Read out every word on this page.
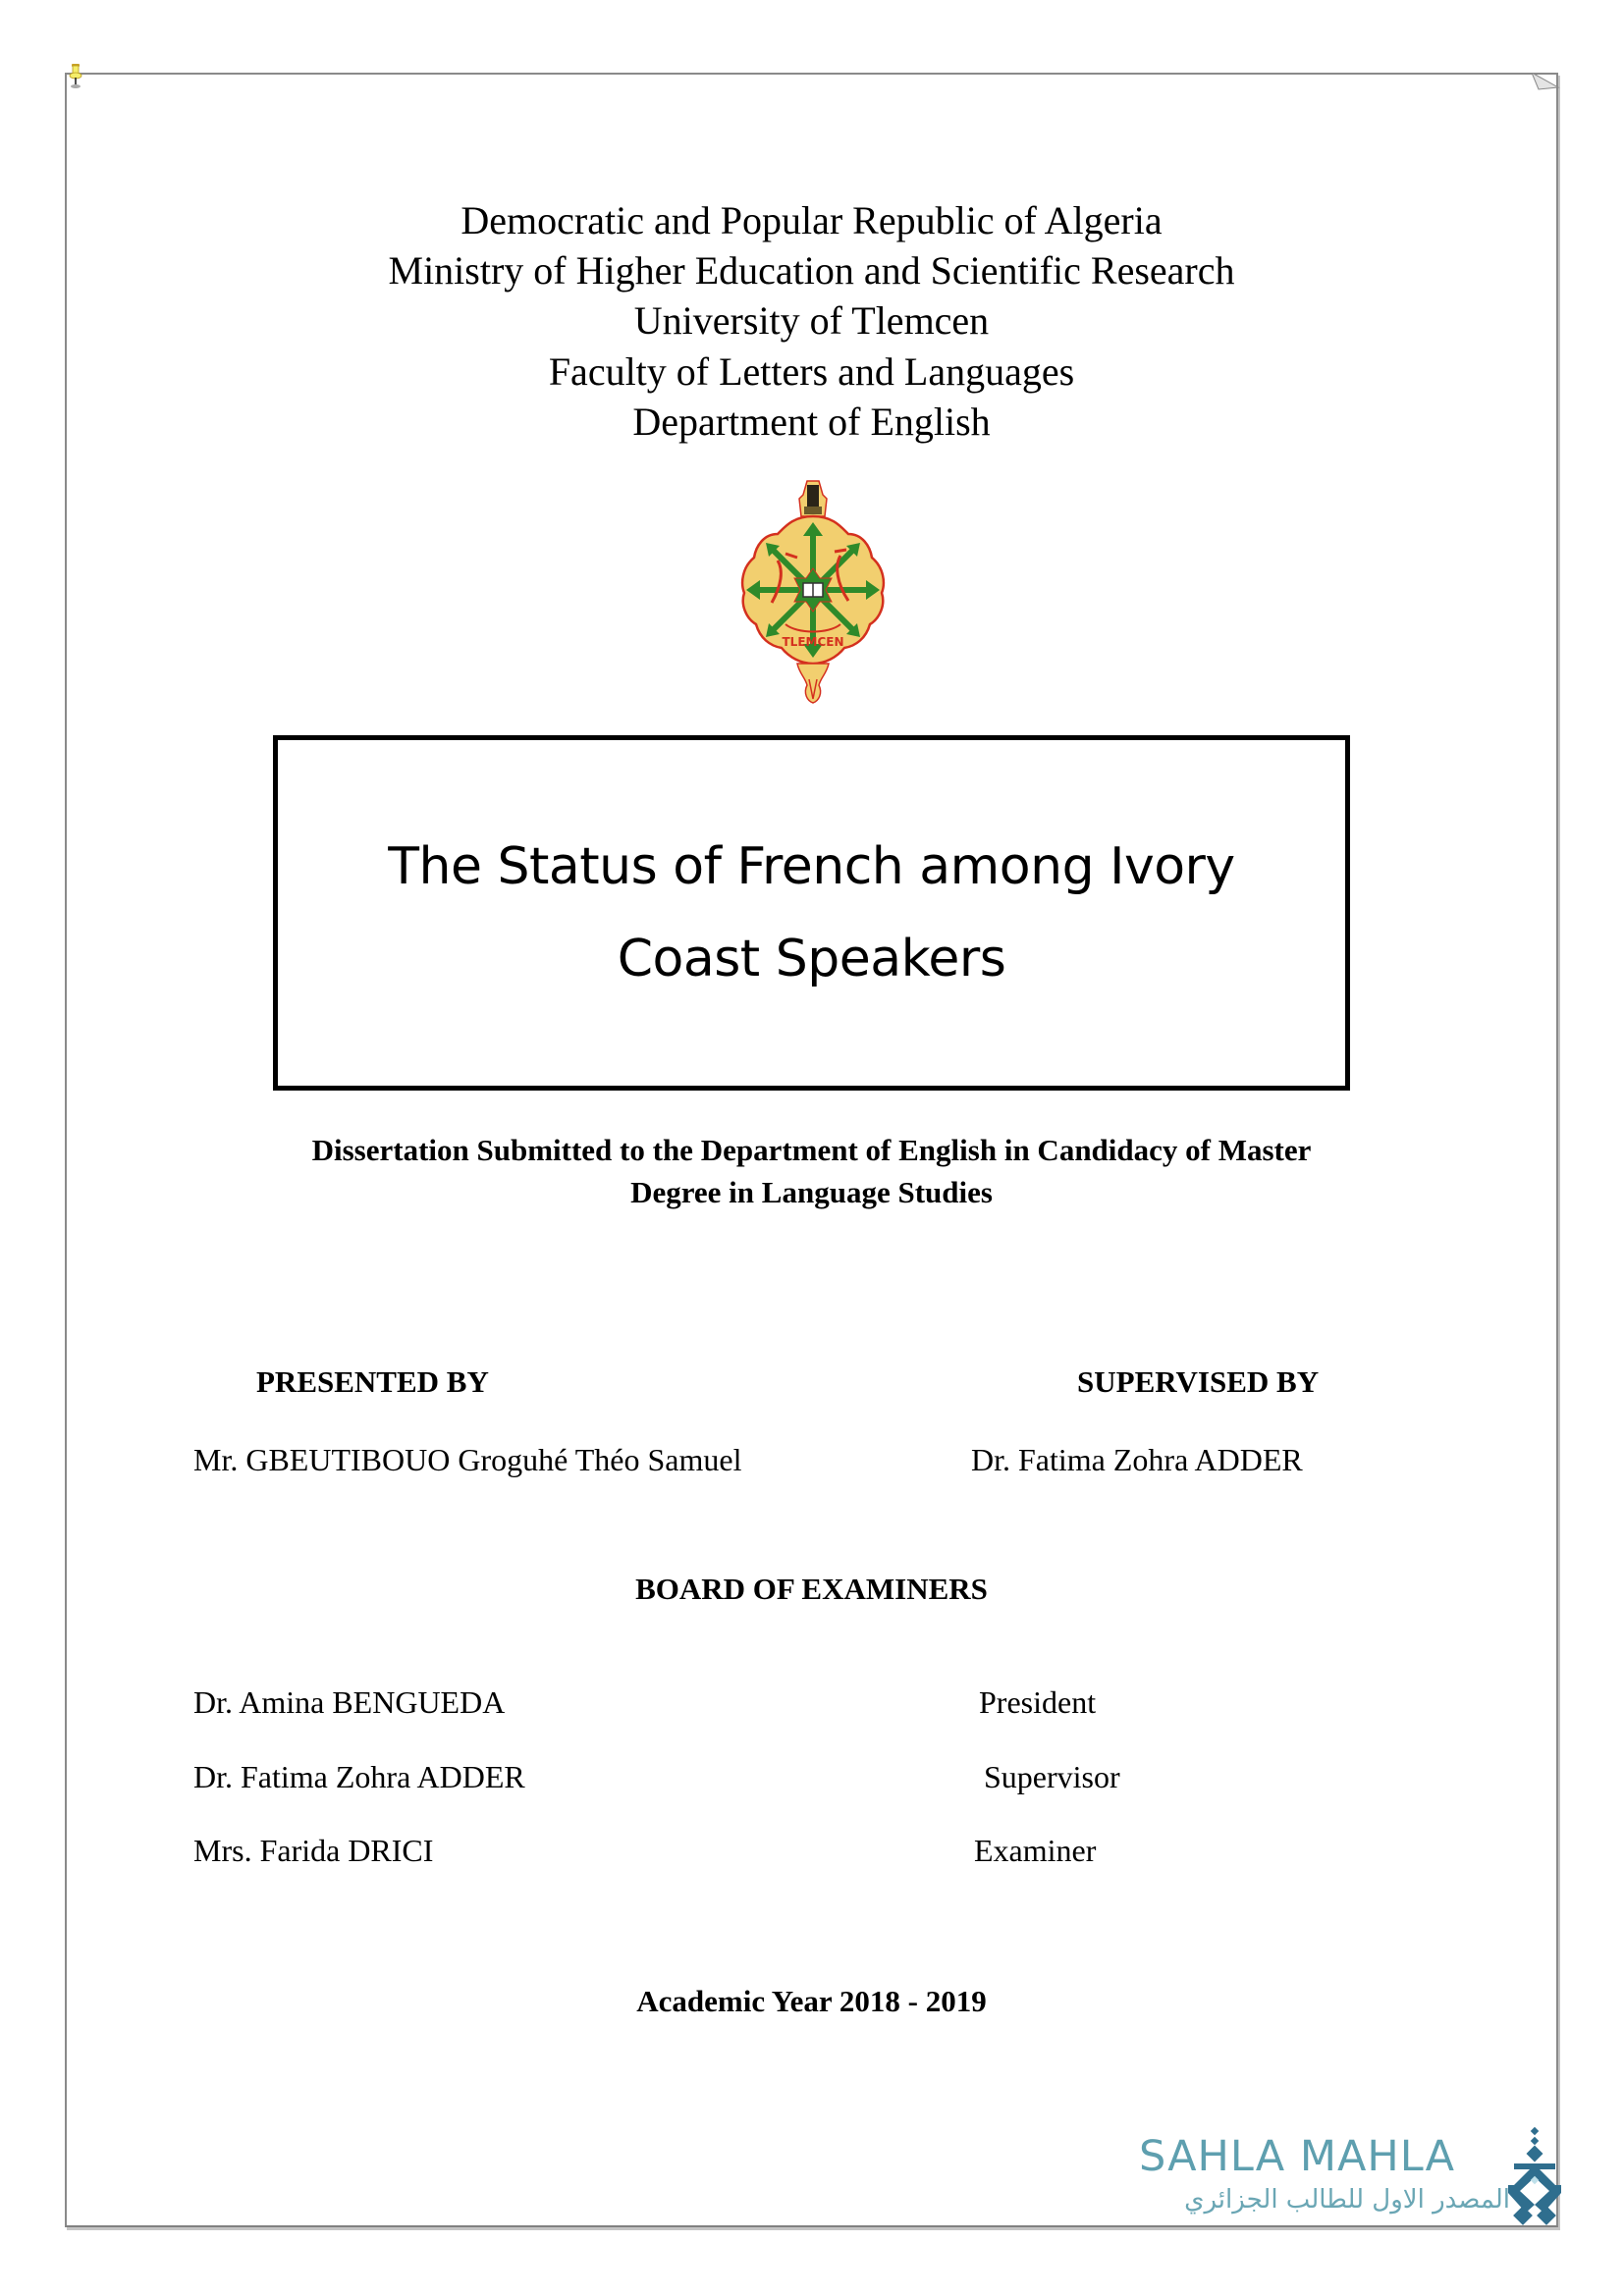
Democratic and Popular Republic of Algeria
Ministry of Higher Education and Scientific Research
University of Tlemcen
Faculty of Letters and Languages
Department of English
TLEMCEN
The Status of French among Ivory
Coast Speakers
Dissertation Submitted to the Department of English in Candidacy of Master
Degree in Language Studies
PRESENTED BY	SUPERVISED BY
Mr. GBEUTIBOUO Groguhé Théo Samuel	Dr. Fatima Zohra ADDER
BOARD OF EXAMINERS
Dr. Amina BENGUEDA	President
Dr. Fatima Zohra ADDER	Supervisor
Mrs. Farida DRICI	Examiner
Academic Year 2018 - 2019
SAHLA MAHLA
المصدر الاول للطالب الجزائري
